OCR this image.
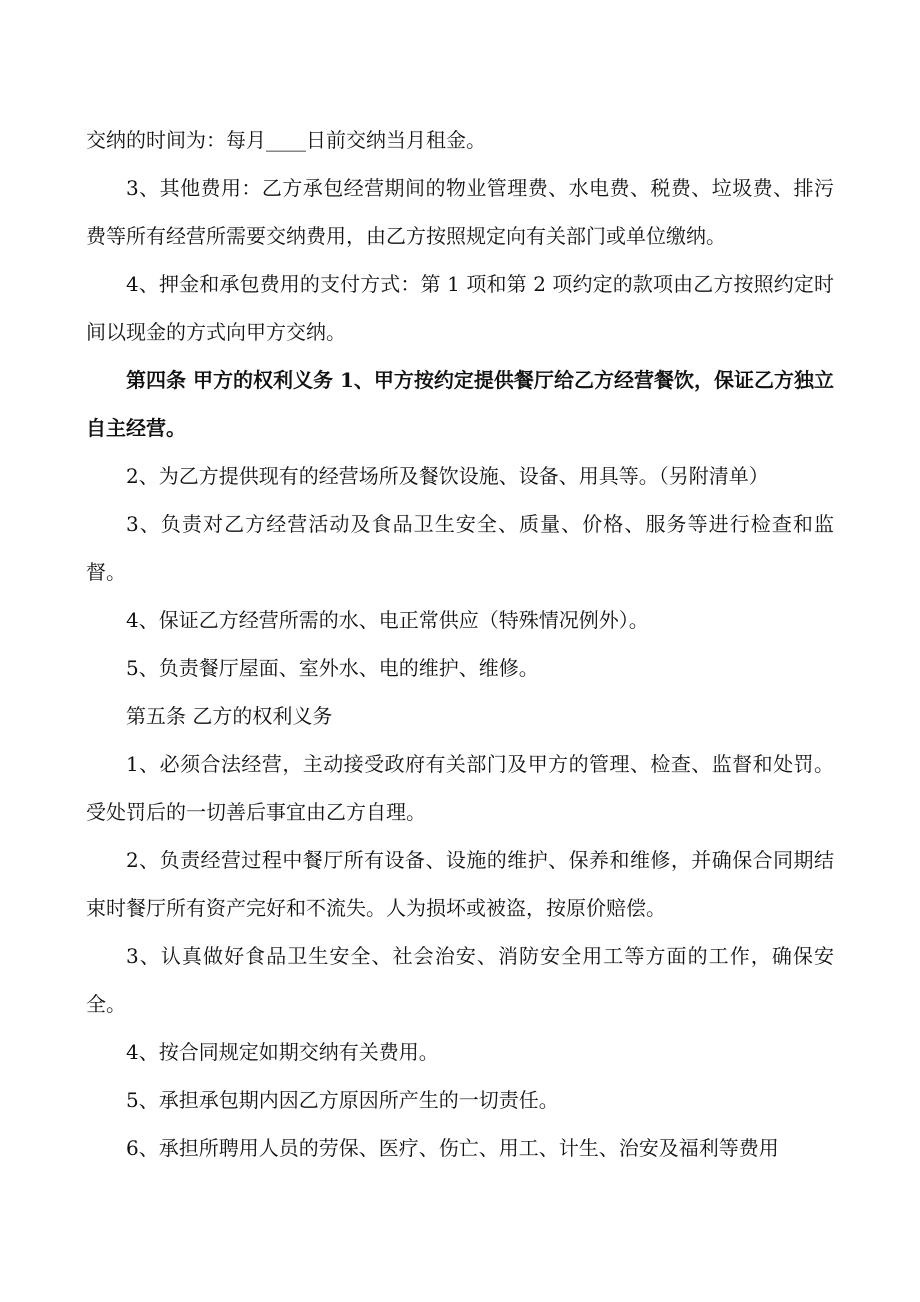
交纳的时间为：每月____日前交纳当月租金。

3、其他费用：乙方承包经营期间的物业管理费、水电费、税费、垃圾费、排污费等所有经营所需要交纳费用，由乙方按照规定向有关部门或单位缴纳。

4、押金和承包费用的支付方式：第 1 项和第 2 项约定的款项由乙方按照约定时间以现金的方式向甲方交纳。

第四条 甲方的权利义务 1、甲方按约定提供餐厅给乙方经营餐饮，保证乙方独立自主经营。

2、为乙方提供现有的经营场所及餐饮设施、设备、用具等。（另附清单）

3、负责对乙方经营活动及食品卫生安全、质量、价格、服务等进行检查和监督。

4、保证乙方经营所需的水、电正常供应（特殊情况例外）。

5、负责餐厅屋面、室外水、电的维护、维修。

第五条 乙方的权利义务

1、必须合法经营，主动接受政府有关部门及甲方的管理、检查、监督和处罚。受处罚后的一切善后事宜由乙方自理。

2、负责经营过程中餐厅所有设备、设施的维护、保养和维修，并确保合同期结束时餐厅所有资产完好和不流失。人为损坏或被盗，按原价赔偿。

3、认真做好食品卫生安全、社会治安、消防安全用工等方面的工作，确保安全。

4、按合同规定如期交纳有关费用。

5、承担承包期内因乙方原因所产生的一切责任。

6、承担所聘用人员的劳保、医疗、伤亡、用工、计生、治安及福利等费用
